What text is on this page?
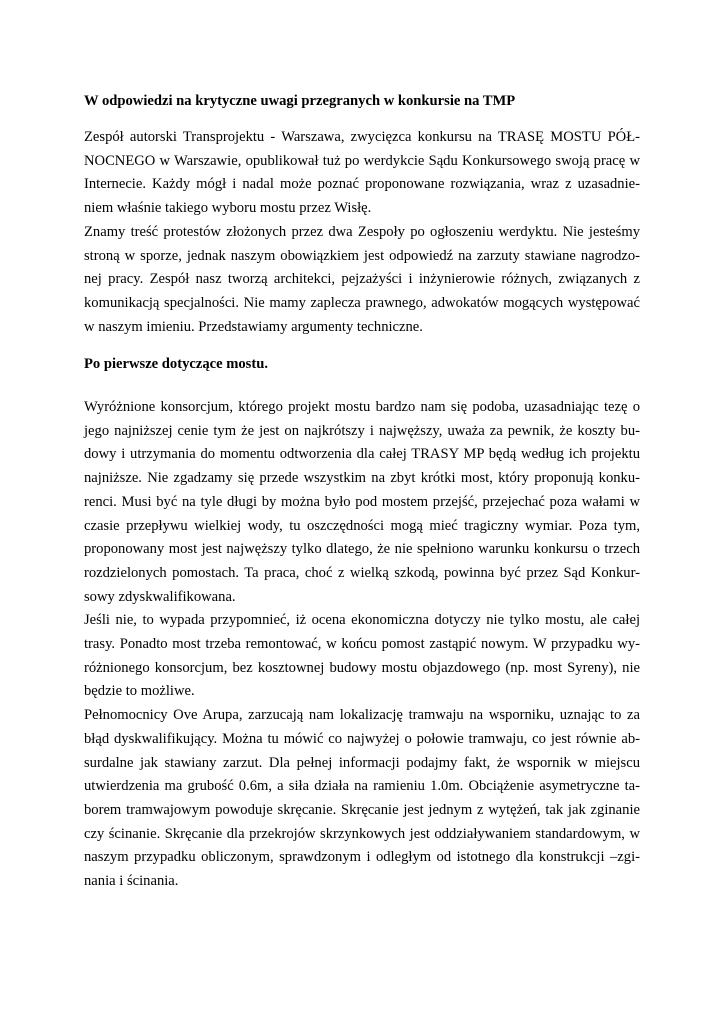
W odpowiedzi na krytyczne uwagi przegranych w konkursie na TMP
Zespół autorski Transprojektu - Warszawa, zwycięzca konkursu na TRASĘ MOSTU PÓŁ-
NOCNEGO w Warszawie, opublikował tuż po werdykcie Sądu Konkursowego swoją pracę w
Internecie. Każdy mógł i nadal może poznać proponowane rozwiązania, wraz z uzasadnie-
niem właśnie takiego wyboru mostu przez Wisłę.
Znamy treść protestów złożonych przez dwa Zespoły po ogłoszeniu werdyktu. Nie jesteśmy
stroną w sporze, jednak naszym obowiązkiem jest odpowiedź na zarzuty stawiane nagrodzo-
nej pracy. Zespół nasz tworzą architekci, pejzażyści i inżynierowie różnych, związanych z
komunikacją specjalności. Nie mamy zaplecza prawnego, adwokatów mogących występować
w naszym imieniu. Przedstawiamy argumenty techniczne.
Po pierwsze dotyczące mostu.
Wyróżnione konsorcjum, którego projekt mostu bardzo nam się podoba, uzasadniając tezę o
jego najniższej cenie tym że jest on najkrótszy i najwęższy, uważa za pewnik, że koszty bu-
dowy i utrzymania do momentu odtworzenia dla całej TRASY MP będą według ich projektu
najniższe. Nie zgadzamy się przede wszystkim na zbyt krótki most, który proponują konku-
renci. Musi być na tyle długi by można było pod mostem przejść, przejechać poza wałami w
czasie przepływu wielkiej wody, tu oszczędności mogą mieć tragiczny wymiar. Poza tym,
proponowany most jest najwęższy tylko dlatego, że nie spełniono warunku konkursu o trzech
rozdzielonych pomostach. Ta praca, choć z wielką szkodą, powinna być przez Sąd Konkur-
sowy zdyskwalifikowana.
Jeśli nie, to wypada przypomnieć, iż ocena ekonomiczna dotyczy nie tylko mostu, ale całej
trasy. Ponadto most trzeba remontować, w końcu pomost zastąpić nowym. W przypadku wy-
różnionego konsorcjum, bez kosztownej budowy mostu objazdowego (np. most Syreny), nie
będzie to możliwe.
Pełnomocnicy Ove Arupa, zarzucają nam lokalizację tramwaju na wsporniku, uznając to za
błąd dyskwalifikujący. Można tu mówić co najwyżej o połowie tramwaju, co jest równie ab-
surdalne jak stawiany zarzut. Dla pełnej informacji podajmy fakt, że wspornik w miejscu
utwierdzenia ma grubość 0.6m, a siła działa na ramieniu 1.0m. Obciążenie asymetryczne ta-
borem tramwajowym powoduje skręcanie. Skręcanie jest jednym z wytężeń, tak jak zginanie
czy ścinanie. Skręcanie dla przekrojów skrzynkowych jest oddziaływaniem standardowym, w
naszym przypadku obliczonym, sprawdzonym i odległym od istotnego dla konstrukcji –zgi-
nania i ścinania.
